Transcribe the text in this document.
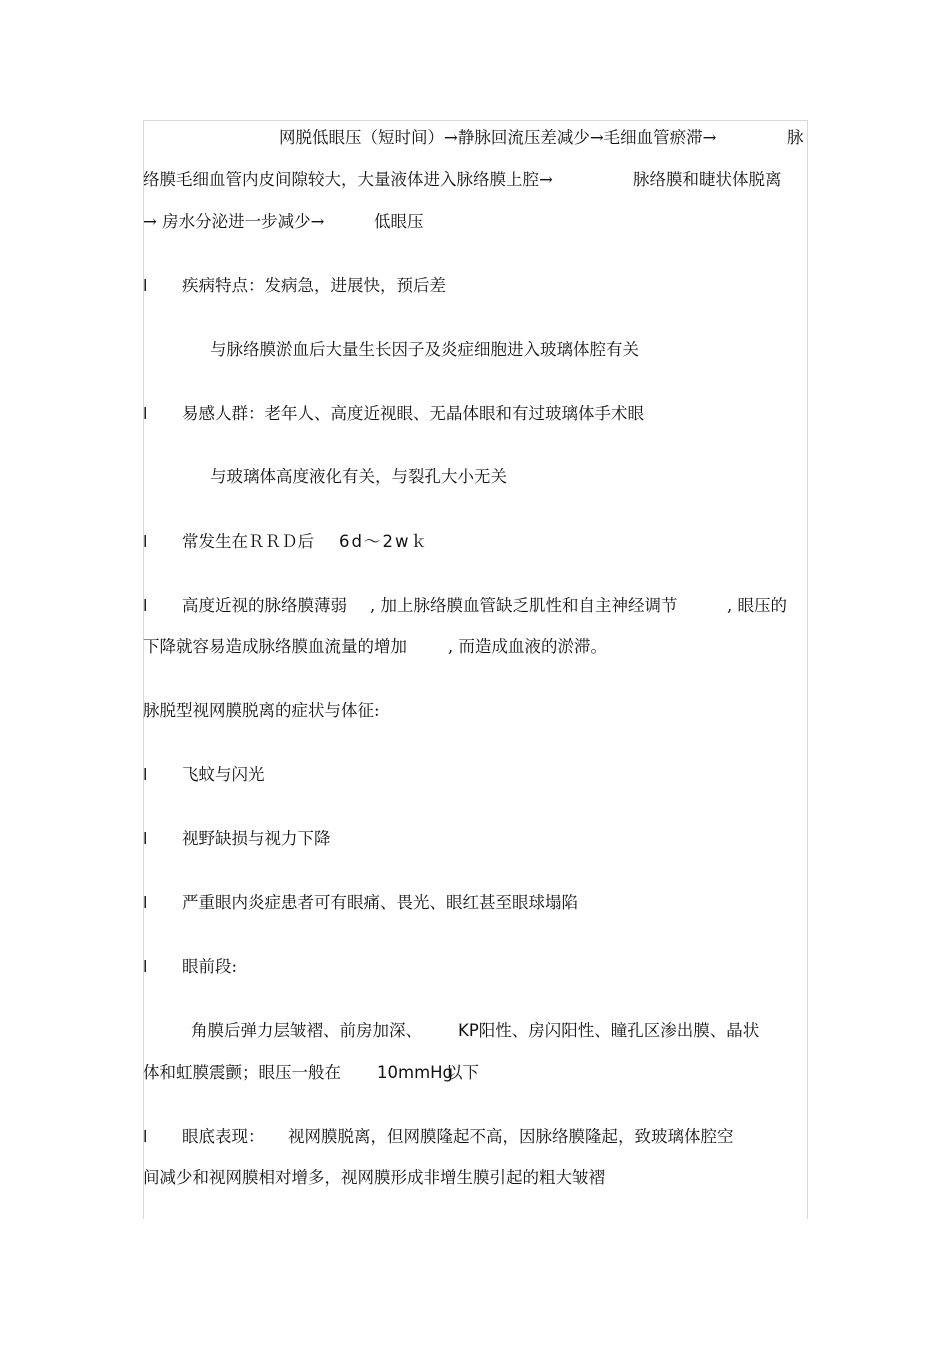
网脱低眼压（短时间）→静脉回流压差减少→毛细血管瘀滞→	脉
络膜毛细血管内皮间隙较大，大量液体进入脉络膜上腔→	脉络膜和睫状体脱离
→ 房水分泌进一步减少→	低眼压
l 疾病特点：发病急，进展快，预后差
与脉络膜淤血后大量生长因子及炎症细胞进入玻璃体腔有关
l 易感人群：老年人、高度近视眼、无晶体眼和有过玻璃体手术眼
与玻璃体高度液化有关，与裂孔大小无关
l 常发生在ＲＲＤ后 6d～2wｋ
l 高度近视的脉络膜薄弱 , 加上脉络膜血管缺乏肌性和自主神经调节	, 眼压的
下降就容易造成脉络膜血流量的增加 , 而造成血液的淤滞。
脉脱型视网膜脱离的症状与体征:
l 飞蚊与闪光
l 视野缺损与视力下降
l 严重眼内炎症患者可有眼痛、畏光、眼红甚至眼球塌陷
l 眼前段:
角膜后弹力层皱褶、前房加深、 KP阳性、房闪阳性、瞳孔区渗出膜、晶状
体和虹膜震颤；眼压一般在 10mmHg
以下
l 眼底表现： 视网膜脱离，但网膜隆起不高，因脉络膜隆起，致玻璃体腔空
间减少和视网膜相对增多，视网膜形成非增生膜引起的粗大皱褶
